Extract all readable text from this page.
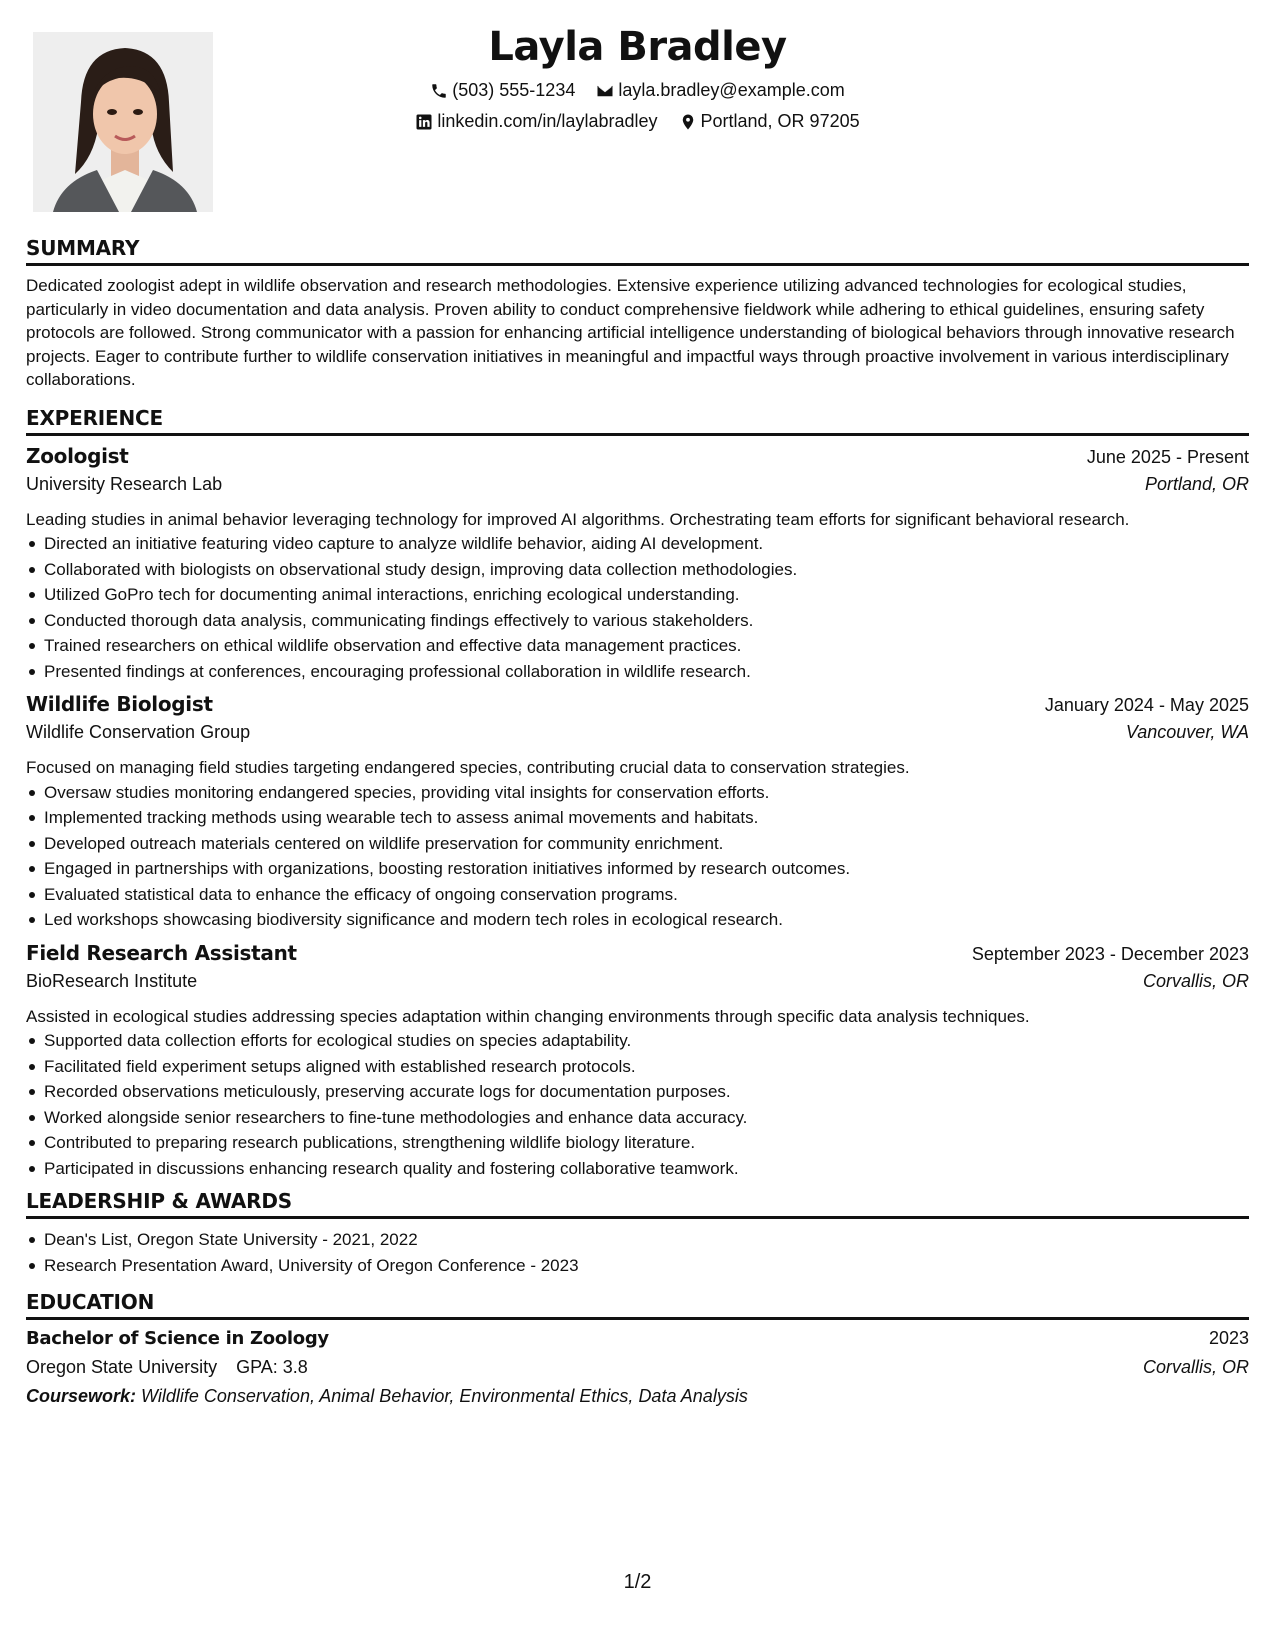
Layla Bradley
(503) 555-1234
layla.bradley@example.com
linkedin.com/in/laylabradley
Portland, OR 97205
SUMMARY

Dedicated zoologist adept in wildlife observation and research methodologies. Extensive experience utilizing advanced technologies for ecological studies, particularly in video documentation and data analysis. Proven ability to conduct comprehensive fieldwork while adhering to ethical guidelines, ensuring safety protocols are followed. Strong communicator with a passion for enhancing artificial intelligence understanding of biological behaviors through innovative research projects. Eager to contribute further to wildlife conservation initiatives in meaningful and impactful ways through proactive involvement in various interdisciplinary collaborations.

EXPERIENCE
Zoologist	June 2025 - Present
University Research Lab	Portland, OR

Leading studies in animal behavior leveraging technology for improved AI algorithms. Orchestrating team efforts for significant behavioral research.

Directed an initiative featuring video capture to analyze wildlife behavior, aiding AI development.
Collaborated with biologists on observational study design, improving data collection methodologies.
Utilized GoPro tech for documenting animal interactions, enriching ecological understanding.
Conducted thorough data analysis, communicating findings effectively to various stakeholders.
Trained researchers on ethical wildlife observation and effective data management practices.
Presented findings at conferences, encouraging professional collaboration in wildlife research.
Wildlife Biologist	January 2024 - May 2025
Wildlife Conservation Group	Vancouver, WA

Focused on managing field studies targeting endangered species, contributing crucial data to conservation strategies.

Oversaw studies monitoring endangered species, providing vital insights for conservation efforts.
Implemented tracking methods using wearable tech to assess animal movements and habitats.
Developed outreach materials centered on wildlife preservation for community enrichment.
Engaged in partnerships with organizations, boosting restoration initiatives informed by research outcomes.
Evaluated statistical data to enhance the efficacy of ongoing conservation programs.
Led workshops showcasing biodiversity significance and modern tech roles in ecological research.
Field Research Assistant	September 2023 - December 2023
BioResearch Institute	Corvallis, OR

Assisted in ecological studies addressing species adaptation within changing environments through specific data analysis techniques.

Supported data collection efforts for ecological studies on species adaptability.
Facilitated field experiment setups aligned with established research protocols.
Recorded observations meticulously, preserving accurate logs for documentation purposes.
Worked alongside senior researchers to fine-tune methodologies and enhance data accuracy.
Contributed to preparing research publications, strengthening wildlife biology literature.
Participated in discussions enhancing research quality and fostering collaborative teamwork.
LEADERSHIP & AWARDS
Dean's List, Oregon State University - 2021, 2022
Research Presentation Award, University of Oregon Conference - 2023
EDUCATION
Bachelor of Science in Zoology	2023
Oregon State University GPA: 3.8	Corvallis, OR
Coursework: Wildlife Conservation, Animal Behavior, Environmental Ethics, Data Analysis
1/2
